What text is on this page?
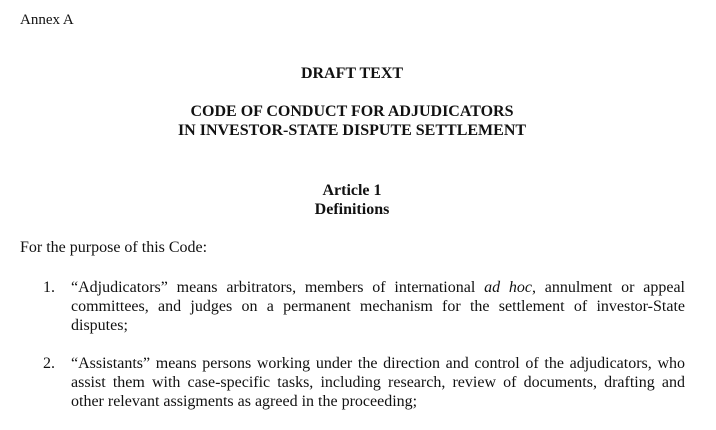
Annex A
DRAFT TEXT
CODE OF CONDUCT FOR ADJUDICATORS
IN INVESTOR-STATE DISPUTE SETTLEMENT
Article 1
Definitions
For the purpose of this Code:
1. “Adjudicators” means arbitrators, members of international ad hoc, annulment or appeal committees, and judges on a permanent mechanism for the settlement of investor-State disputes;
2. “Assistants” means persons working under the direction and control of the adjudicators, who assist them with case-specific tasks, including research, review of documents, drafting and other relevant assigments as agreed in the proceeding;
